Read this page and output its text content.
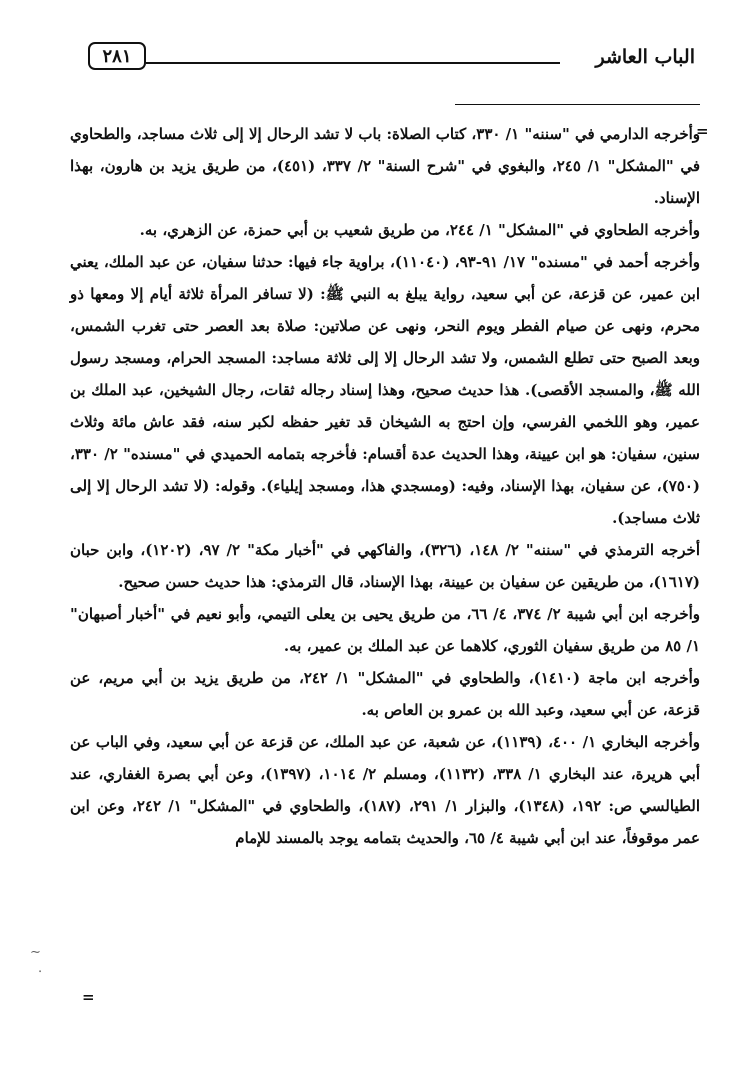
الباب العاشر
٢٨١
=

وأخرجه الدارمي في "سننه" ١/ ٣٣٠، كتاب الصلاة: باب لا تشد الرحال إلا إلى ثلاث مساجد، والطحاوي في "المشكل" ١/ ٢٤٥، والبغوي في "شرح السنة" ٢/ ٣٣٧، (٤٥١)، من طريق يزيد بن هارون، بهذا الإسناد.

وأخرجه الطحاوي في "المشكل" ١/ ٢٤٤، من طريق شعيب بن أبي حمزة، عن الزهري، به.

وأخرجه أحمد في "مسنده" ١٧/ ٩١-٩٣، (١١٠٤٠)، براوية جاء فيها: حدثنا سفيان، عن عبد الملك، يعني ابن عمير، عن قزعة، عن أبي سعيد، رواية يبلغ به النبي ﷺ: (لا تسافر المرأة ثلاثة أيام إلا ومعها ذو محرم، ونهى عن صيام الفطر ويوم النحر، ونهى عن صلاتين: صلاة بعد العصر حتى تغرب الشمس، وبعد الصبح حتى تطلع الشمس، ولا تشد الرحال إلا إلى ثلاثة مساجد: المسجد الحرام، ومسجد رسول الله ﷺ، والمسجد الأقصى). هذا حديث صحيح، وهذا إسناد رجاله ثقات، رجال الشيخين، عبد الملك بن عمير، وهو اللخمي الفرسي، وإن احتج به الشيخان قد تغير حفظه لكبر سنه، فقد عاش مائة وثلاث سنين، سفيان: هو ابن عيينة، وهذا الحديث عدة أقسام: فأخرجه بتمامه الحميدي في "مسنده" ٢/ ٣٣٠، (٧٥٠)، عن سفيان، بهذا الإسناد، وفيه: (ومسجدي هذا، ومسجد إيلياء). وقوله: (لا تشد الرحال إلا إلى ثلاث مساجد).

أخرجه الترمذي في "سننه" ٢/ ١٤٨، (٣٢٦)، والفاكهي في "أخبار مكة" ٢/ ٩٧، (١٢٠٢)، وابن حبان (١٦١٧)، من طريقين عن سفيان بن عيينة، بهذا الإسناد، قال الترمذي: هذا حديث حسن صحيح.

وأخرجه ابن أبي شيبة ٢/ ٣٧٤، ٤/ ٦٦، من طريق يحيى بن يعلى التيمي، وأبو نعيم في "أخبار أصبهان" ١/ ٨٥ من طريق سفيان الثوري، كلاهما عن عبد الملك بن عمير، به.

وأخرجه ابن ماجة (١٤١٠)، والطحاوي في "المشكل" ١/ ٢٤٢، من طريق يزيد بن أبي مريم، عن قزعة، عن أبي سعيد، وعبد الله بن عمرو بن العاص به.

وأخرجه البخاري ١/ ٤٠٠، (١١٣٩)، عن شعبة، عن عبد الملك، عن قزعة عن أبي سعيد، وفي الباب عن أبي هريرة، عند البخاري ١/ ٣٣٨، (١١٣٢)، ومسلم ٢/ ١٠١٤، (١٣٩٧)، وعن أبي بصرة الغفاري، عند الطيالسي ص: ١٩٢، (١٣٤٨)، والبزار ١/ ٢٩١، (١٨٧)، والطحاوي في "المشكل" ١/ ٢٤٢، وعن ابن عمر موقوفاً، عند ابن أبي شيبة ٤/ ٦٥، والحديث بتمامه يوجد بالمسند للإمام

=
∼
‧
